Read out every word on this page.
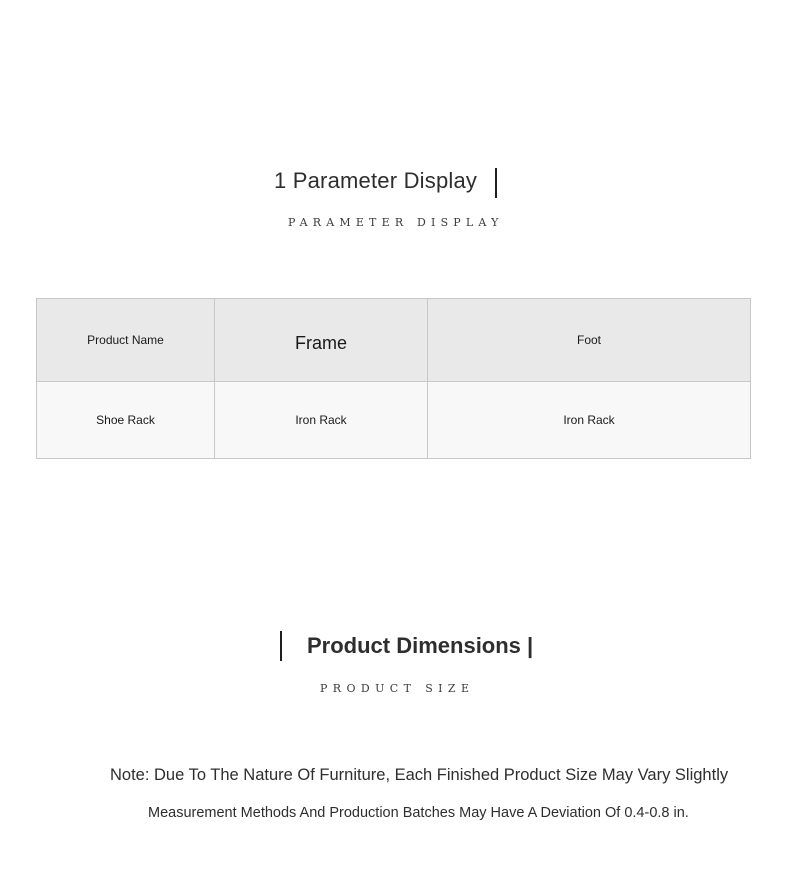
1 Parameter Display
PARAMETER DISPLAY
Product Name	Frame	Foot
Shoe Rack	Iron Rack	Iron Rack
Product Dimensions |
PRODUCT SIZE
Note: Due To The Nature Of Furniture, Each Finished Product Size May Vary Slightly
Measurement Methods And Production Batches May Have A Deviation Of 0.4-0.8 in.
